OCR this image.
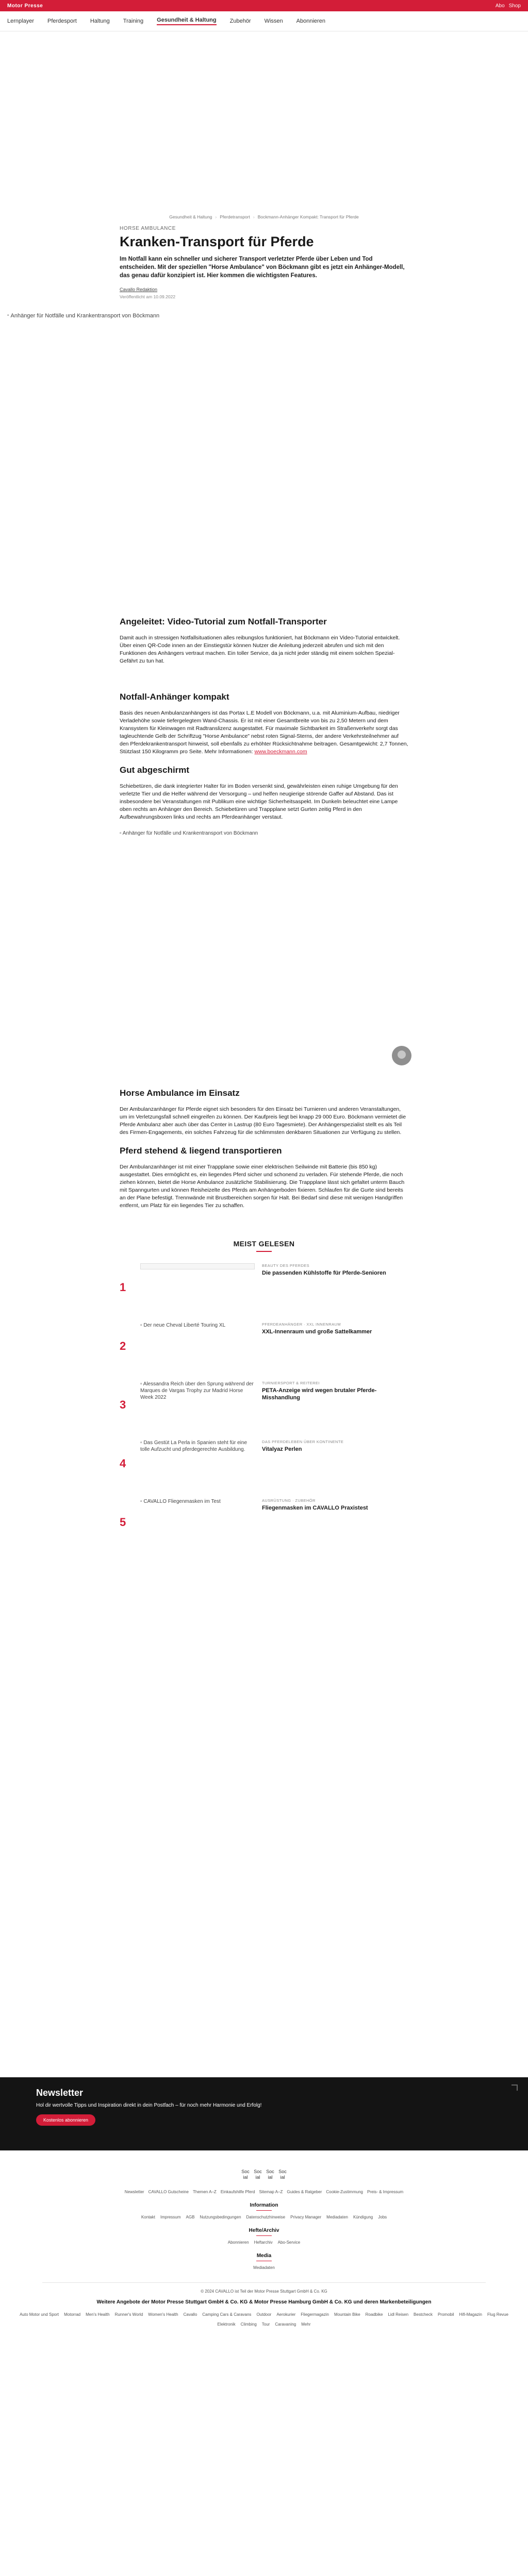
Motor Presse	Abo Shop
Lernplayer Pferdesport Haltung Training Gesundheit & Haltung Zubehör Wissen Abonnieren
Gesundheit & Haltung › Pferdetransport › Bockmann-Anhänger Kompakt: Transport für Pferde
HORSE AMBULANCE
Kranken-Transport für Pferde

Im Notfall kann ein schneller und sicherer Transport verletzter Pferde über Leben und Tod entscheiden. Mit der speziellen "Horse Ambulance" von Böckmann gibt es jetzt ein Anhänger-Modell, das genau dafür konzipiert ist. Hier kommen die wichtigsten Features.

Cavallo Redaktion
Veröffentlicht am 10.09.2022
▫ Anhänger für Notfälle und Krankentransport von Böckmann
Angeleitet: Video-Tutorial zum Notfall-Transporter

Damit auch in stressigen Notfallsituationen alles reibungslos funktioniert, hat Böckmann ein Video-Tutorial entwickelt. Über einen QR-Code innen an der Einstiegstür können Nutzer die Anleitung jederzeit abrufen und sich mit den Funktionen des Anhängers vertraut machen. Ein toller Service, da ja nicht jeder ständig mit einem solchen Spezial-Gefährt zu tun hat.

Notfall-Anhänger kompakt

Basis des neuen Ambulanzanhängers ist das Portax L.E Modell von Böckmann, u.a. mit Aluminium-Aufbau, niedriger Verladehöhe sowie tiefergelegtem Wand-Chassis. Er ist mit einer Gesamtbreite von bis zu 2,50 Metern und dem Kransystem für Kleinwagen mit Radtranslizenz ausgestattet. Für maximale Sichtbarkeit im Straßenverkehr sorgt das tagleuchtende Gelb der Schriftzug "Horse Ambulance" nebst roten Signal-Sterns, der andere Verkehrsteilnehmer auf den Pferdekrankentransport hinweist, soll ebenfalls zu erhöhter Rücksichtnahme beitragen. Gesamtgewicht: 2,7 Tonnen, Stützlast 150 Kilogramm pro Seite. Mehr Informationen: www.boeckmann.com

Gut abgeschirmt

Schiebetüren, die dank integrierter Halter für im Boden versenkt sind, gewährleisten einen ruhige Umgebung für den verletzte Tier und die Helfer während der Versorgung – und helfen neugierige störende Gaffer auf Abstand. Das ist insbesondere bei Veranstaltungen mit Publikum eine wichtige Sicherheitsaspekt. Im Dunkeln beleuchtet eine Lampe oben rechts am Anhänger den Bereich. Schiebetüren und Trappplane setzt Gurten zeitig Pferd in den Aufbewahrungsboxen links und rechts am Pferdeanhänger verstaut.

▫ Anhänger für Notfälle und Krankentransport von Böckmann
Horse Ambulance im Einsatz

Der Ambulanzanhänger für Pferde eignet sich besonders für den Einsatz bei Turnieren und anderen Veranstaltungen, um im Verletzungsfall schnell eingreifen zu können. Der Kaufpreis liegt bei knapp 29 000 Euro. Böckmann vermietet die Pferde Ambulanz aber auch über das Center in Lastrup (80 Euro Tagesmiete). Der Anhängerspezialist stellt es als Teil des Firmen-Engagements, ein solches Fahrzeug für die schlimmsten denkbaren Situationen zur Verfügung zu stellen.

Pferd stehend & liegend transportieren

Der Ambulanzanhänger ist mit einer Trappplane sowie einer elektrischen Seilwinde mit Batterie (bis 850 kg) ausgestattet. Dies ermöglicht es, ein liegendes Pferd sicher und schonend zu verladen. Für stehende Pferde, die noch ziehen können, bietet die Horse Ambulance zusätzliche Stabilisierung. Die Trappplane lässt sich gefaltet unterm Bauch mit Spanngurten und können Reisheizelte des Pferds am Anhängerboden fixieren. Schlaufen für die Gurte sind bereits an der Plane befestigt. Trennwände mit Brustbereichen sorgen für Halt. Bei Bedarf sind diese mit wenigen Handgriffen entfernt, um Platz für ein liegendes Tier zu schaffen.

MEIST GELESEN
1
BEAUTY DES PFERDES
Die passenden Kühlstoffe für Pferde-Senioren
2
▫ Der neue Cheval Liberté Touring XL	PFERDEANHÄNGER · XXL INNENRAUM
XXL-Innenraum und große Sattelkammer
3
▫ Alessandra Reich über den Sprung während der Marques de Vargas Trophy zur Madrid Horse Week 2022
TURNIERSPORT & REITEREI
PETA-Anzeige wird wegen brutaler Pferde-Misshandlung
4
▫ Das Gestüt La Perla in Spanien steht für eine tolle Aufzucht und pferdegerechte Ausbildung.
DAS PFERDELEBEN ÜBER KONTINENTE
Vitalyaz Perlen
5
▫ CAVALLO Fliegenmasken im Test	AUSRÜSTUNG · ZUBEHÖR
Fliegenmasken im CAVALLO Praxistest
Newsletter

Hol dir wertvolle Tipps und Inspiration direkt in dein Postfach – für noch mehr Harmonie und Erfolg!

Kostenlos abonnieren
Soc ial
Soc ial
Soc ial
Soc ial
Newsletter CAVALLO Gutscheine Themen A–Z Einkaufshilfe Pferd Sitemap A–Z Guides & Ratgeber Cookie-Zustimmung Preis- & Impressum
Information
Kontakt Impressum AGB Nutzungsbedingungen Datenschutzhinweise Privacy Manager Mediadaten Kündigung Jobs
Hefte/Archiv
Abonnieren Heftarchiv Abo-Service
Media
Mediadaten
© 2024 CAVALLO ist Teil der Motor Presse Stuttgart GmbH & Co. KG
Weitere Angebote der Motor Presse Stuttgart GmbH & Co. KG & Motor Presse Hamburg GmbH & Co. KG und deren Markenbeteiligungen
Auto Motor und Sport Motorrad Men's Health Runner's World Women's Health Cavallo Camping Cars & Caravans Outdoor Aerokurier Fliegermagazin Mountain Bike Roadbike Lidl Reisen Bestcheck Promobil Hifi-Magazin Flug Revue
Elektronik Climbing Tour Caravaning Mehr
